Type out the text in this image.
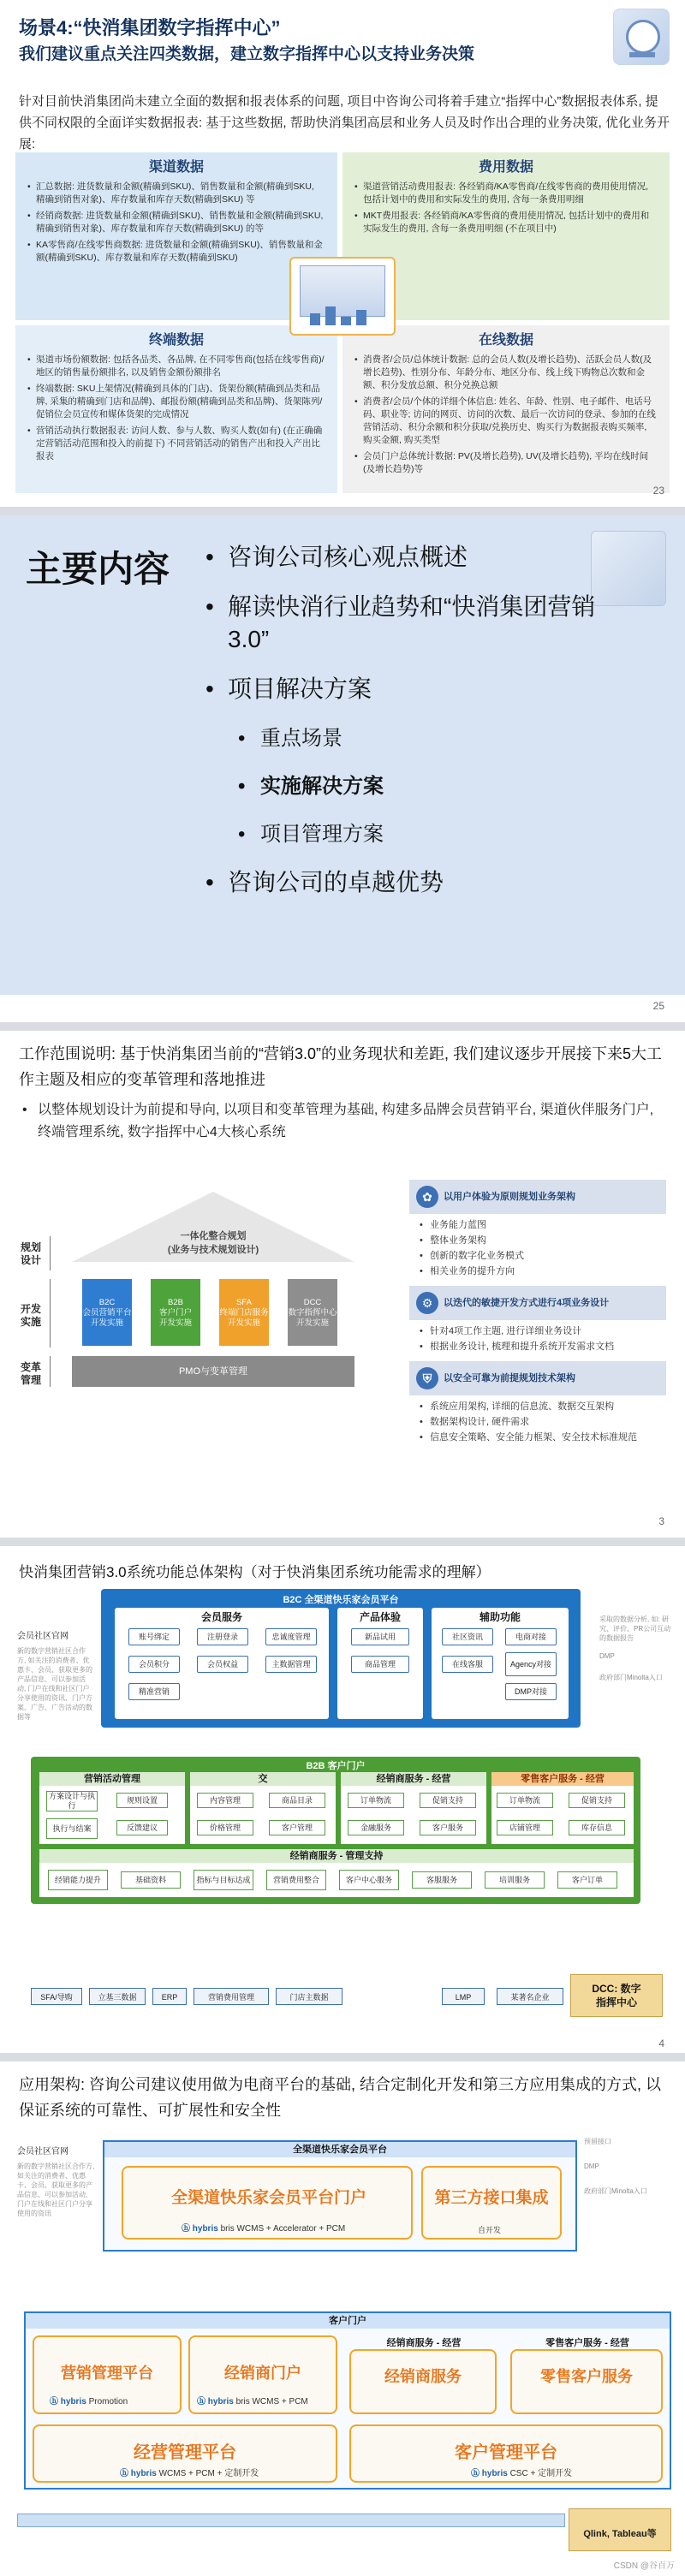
场景4:“快消集团数字指挥中心”
我们建议重点关注四类数据，建立数字指挥中心以支持业务决策
针对目前快消集团尚未建立全面的数据和报表体系的问题, 项目中咨询公司将着手建立“指挥中心”数据报表体系, 提供不同权限的全面详实数据报表: 基于这些数据, 帮助快消集团高层和业务人员及时作出合理的业务决策, 优化业务开展:
渠道数据
• 汇总数据: 进货数量和金额(精确到SKU)、销售数量和金额(精确到SKU, 精确到销售对象)、库存数量和库存天数(精确到SKU) 等
• 经销商数据: 进货数量和金额(精确到SKU)、销售数量和金额(精确到SKU, 精确到销售对象)、库存数量和库存天数(精确到SKU) 的等
• KA零售商/在线零售商数据: 进货数量和金额(精确到SKU)、销售数量和金额(精确到SKU)、库存数量和库存天数(精确到SKU)
费用数据
• 渠道营销活动费用报表: 各经销商/KA零售商/在线零售商的费用使用情况, 包括计划中的费用和实际发生的费用, 含每一条费用明细
• MKT费用报表: 各经销商/KA零售商的费用使用情况, 包括计划中的费用和实际发生的费用, 含每一条费用明细 (不在项目中)
终端数据
• 渠道市场份额数据: 包括各品类、各品牌, 在不同零售商(包括在线零售商)/地区的销售量份额排名, 以及销售金额份额排名
• 终端数据: SKU上架情况(精确到具体的门店)、货架份额(精确到品类和品牌, 采集的精确到门店和品牌)、邮报份额(精确到品类和品牌)、货架陈列/促销位会员宣传和媒体货架的完成情况
• 营销活动执行数据报表: 访问人数、参与人数、购买人数(如有) (在正确确定营销活动范围和投入的前提下) 不同营销活动的销售产出和投入产出比报表
在线数据
• 消费者/会员/总体统计数据: 总的会员人数(及增长趋势)、活跃会员人数(及增长趋势)、性别分布、年龄分布、地区分布、线上线下购物总次数和金额、积分发放总额、积分兑换总额
• 消费者/会员/个体的详细个体信息: 姓名、年龄、性别、电子邮件、电话号码、职业等; 访问的网页、访问的次数、最后一次访问的登录、参加的在线营销活动、积分余额和积分获取/兑换历史、购买行为数据报表购买频率, 购买金额, 购买类型
• 会员门户总体统计数据: PV(及增长趋势), UV(及增长趋势), 平均在线时间(及增长趋势)等
23
主要内容
•	咨询公司核心观点概述
• 解读快消行业趋势和“快消集团营销3.0”
• 项目解决方案
• 重点场景
• 实施解决方案
• 项目管理方案
• 咨询公司的卓越优势
25
工作范围说明: 基于快消集团当前的“营销3.0”的业务现状和差距, 我们建议逐步开展接下来5大工作主题及相应的变革管理和落地推进
• 以整体规划设计为前提和导向, 以项目和变革管理为基础, 构建多品牌会员营销平台, 渠道伙伴服务门户, 终端管理系统, 数字指挥中心4大核心系统
规划设计
开发实施
变革管理
一体化整合规划
(业务与技术规划设计)
B2C
会员营销平台
开发实施
B2B
客户门户
开发实施
SFA
终端门店服务
开发实施
DCC
数字指挥中心
开发实施
PMO与变革管理
✿	以用户体验为原则规划业务架构
• 业务能力蓝图
• 整体业务架构
• 创新的数字化业务模式
• 相关业务的提升方向
⚙	以迭代的敏捷开发方式进行4项业务设计
• 针对4项工作主题, 进行详细业务设计
• 根据业务设计, 梳理和提升系统开发需求文档
⛨	以安全可靠为前提规划技术架构
• 系统应用架构, 详细的信息流、数据交互架构
• 数据架构设计, 硬件需求
• 信息安全策略、安全能力框架、安全技术标准规范
3
快消集团营销3.0系统功能总体架构（对于快消集团系统功能需求的理解）
会员社区官网
新的数字营销社区合作方, 如关注的消费者、优惠卡、会员、获取更多的产品信息、可以参加活动, 门户在线和社区门户分享使用的资讯、门户方案、广告、广告活动的数据等
B2C 全渠道快乐家会员平台
会员服务
账号绑定	注册登录	忠诚度管理
会员积分	会员权益	主数据管理
精准营销
产品体验
新品试用
商品管理
辅助功能
社区资讯	电商对接
在线客服	Agency对接
DMP对接
采取的数据分析, 如: 研究、评价、PR公司互动的数据报告
DMP
政府部门Minolta入口
B2B 客户门户
营销活动管理
方案设计与执行
规则设置
执行与结案	反馈建议
交
内容管理	商品目录
价格管理	客户管理
经销商服务 - 经营
订单物流	促销支持
金融服务	客户服务
零售客户服务 - 经营
订单物流	促销支持
店铺管理	库存信息
经销商服务 - 管理支持
经销能力提升	基础资料	指标与目标达成	营销费用整合	客户中心服务	客服服务	培训服务	客户订单
SFA/导购	立基三数据	ERP	营销费用管理	门店主数据	LMP	某著名企业
DCC: 数字
指挥中心
4
应用架构: 咨询公司建议使用做为电商平台的基础, 结合定制化开发和第三方应用集成的方式, 以保证系统的可靠性、可扩展性和安全性
会员社区官网
新的数字营销社区合作方, 如关注的消费者、优惠卡、会员、获取更多的产品信息、可以参加活动, 门户在线和社区门户分享使用的资讯
预留接口
DMP
政府部门Minolta入口
全渠道快乐家会员平台
全渠道快乐家会员平台门户
ⓗ hybris bris WCMS + Accelerator + PCM
第三方接口集成
自开发
客户门户
营销管理平台
ⓗ hybris Promotion
经销商门户
ⓗ hybris bris WCMS + PCM
经销商服务 - 经营
经销商服务
零售客户服务 - 经营
零售客户服务
经营管理平台
ⓗ hybris WCMS + PCM + 定制开发
客户管理平台
ⓗ hybris CSC + 定制开发
Qlink, Tableau等
CSDN @谷百万
